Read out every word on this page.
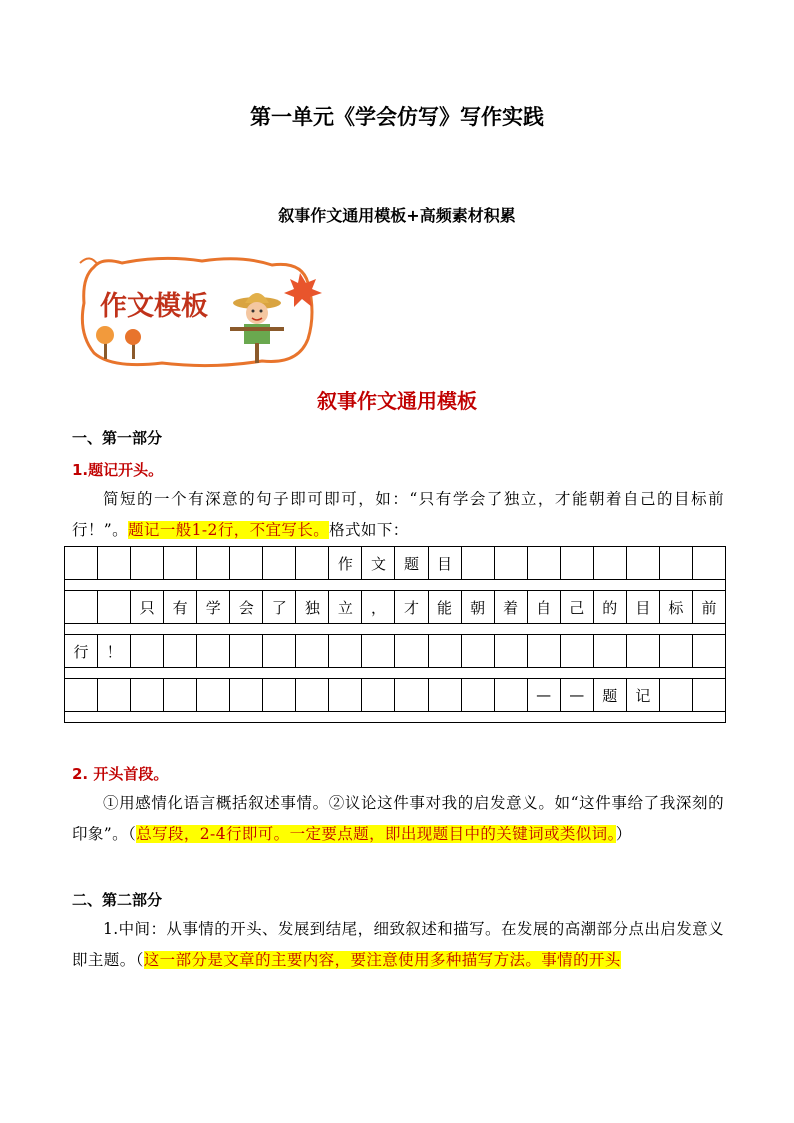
第一单元《学会仿写》写作实践
叙事作文通用模板+高频素材积累
作文模板
叙事作文通用模板
一、第一部分
1.题记开头。
简短的一个有深意的句子即可即可，如：“只有学会了独立，才能朝着自己的目标前行！”。题记一般1-2行，不宜写长。格式如下：
								作	文	题	目								

		只	有	学	会	了	独	立	，	才	能	朝	着	自	己	的	目	标	前

行	！																		

														—	—	题	记		

2. 开头首段。
①用感情化语言概括叙述事情。②议论这件事对我的启发意义。如“这件事给了我深刻的印象”。（总写段，2-4行即可。一定要点题，即出现题目中的关键词或类似词。）
二、第二部分
1.中间：从事情的开头、发展到结尾，细致叙述和描写。在发展的高潮部分点出启发意义即主题。（这一部分是文章的主要内容，要注意使用多种描写方法。事情的开头
